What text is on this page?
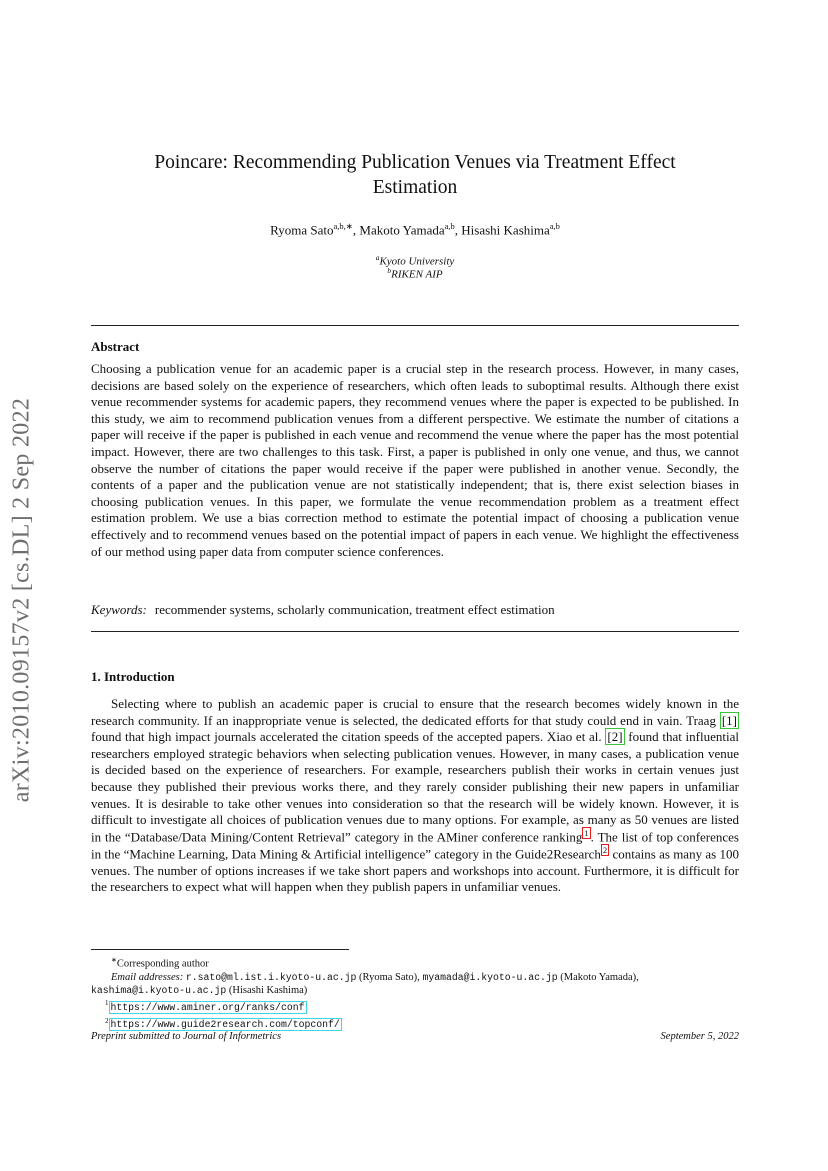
arXiv:2010.09157v2 [cs.DL] 2 Sep 2022
Poincare: Recommending Publication Venues via Treatment Effect
Estimation
Ryoma Sato$^{a,b,∗}$, Makoto Yamada$^{a,b}$, Hisashi Kashima$^{a,b}$
$^a$Kyoto University
$^b$RIKEN AIP
Abstract
Choosing a publication venue for an academic paper is a crucial step in the research process. However, in many cases, decisions are based solely on the experience of researchers, which often leads to suboptimal results. Although there exist venue recommender systems for academic papers, they recommend venues where the paper is expected to be published. In this study, we aim to recommend publication venues from a different perspective. We estimate the number of citations a paper will receive if the paper is published in each venue and recommend the venue where the paper has the most potential impact. However, there are two challenges to this task. First, a paper is published in only one venue, and thus, we cannot observe the number of citations the paper would receive if the paper were published in another venue. Secondly, the contents of a paper and the publication venue are not statistically independent; that is, there exist selection biases in choosing publication venues. In this paper, we formulate the venue recommendation problem as a treatment effect estimation problem. We use a bias correction method to estimate the potential impact of choosing a publication venue effectively and to recommend venues based on the potential impact of papers in each venue. We highlight the effectiveness of our method using paper data from computer science conferences.
Keywords: recommender systems, scholarly communication, treatment effect estimation
1. Introduction
Selecting where to publish an academic paper is crucial to ensure that the research becomes widely known in the research community. If an inappropriate venue is selected, the dedicated efforts for that study could end in vain. Traag [1] found that high impact journals accelerated the citation speeds of the accepted papers. Xiao et al. [2] found that influential researchers employed strategic behaviors when selecting publication venues. However, in many cases, a publication venue is decided based on the experience of researchers. For example, researchers publish their works in certain venues just because they published their previous works there, and they rarely consider publishing their new papers in unfamiliar venues. It is desirable to take other venues into consideration so that the research will be widely known. However, it is difficult to investigate all choices of publication venues due to many options. For example, as many as 50 venues are listed in the “Database/Data Mining/Content Retrieval” category in the AMiner conference ranking $^1$ . The list of top conferences in the “Machine Learning, Data Mining & Artificial intelligence” category in the Guide2Research $^2$ contains as many as 100 venues. The number of options increases if we take short papers and workshops into account. Furthermore, it is difficult for the researchers to expect what will happen when they publish papers in unfamiliar venues.
∗Corresponding author
Email addresses: r.sato@ml.ist.i.kyoto-u.ac.jp (Ryoma Sato), myamada@i.kyoto-u.ac.jp (Makoto Yamada),
kashima@i.kyoto-u.ac.jp (Hisashi Kashima)
$^1$ https://www.aminer.org/ranks/conf
$^2$ https://www.guide2research.com/topconf/
Preprint submitted to Journal of Informetrics	September 5, 2022
